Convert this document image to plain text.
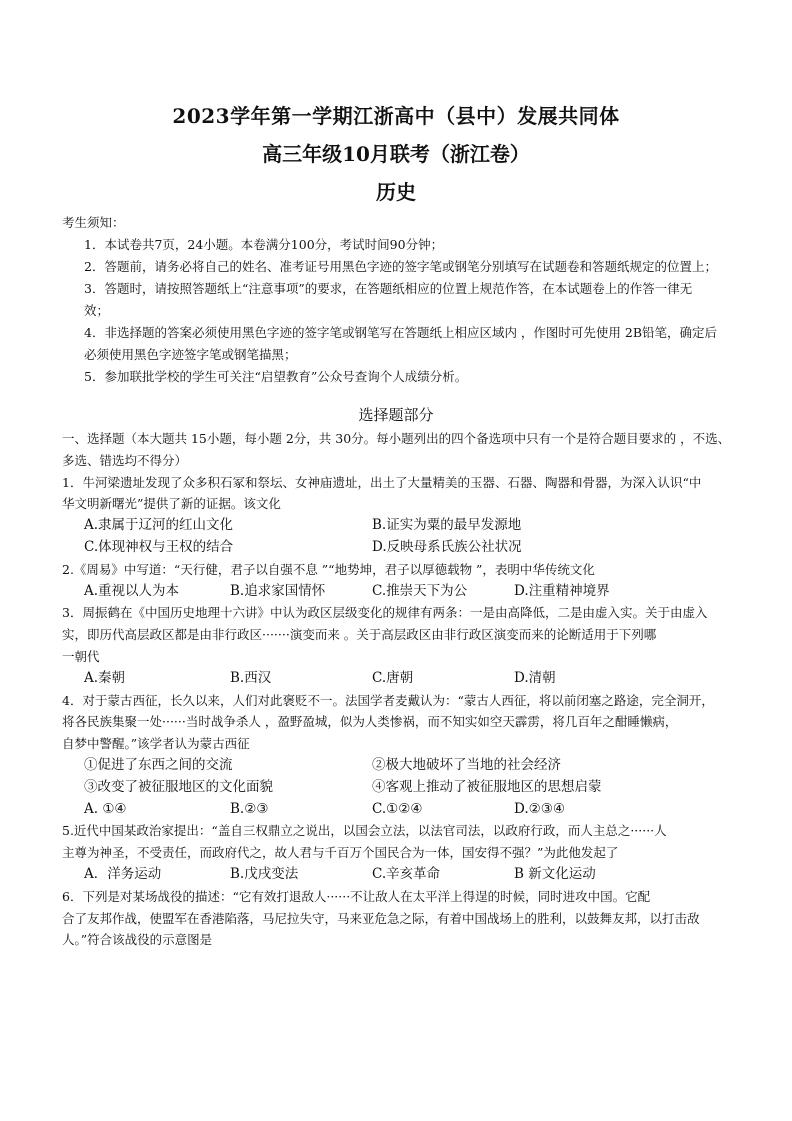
2023学年第一学期江浙高中（县中）发展共同体
高三年级10月联考（浙江卷）
历史
考生须知：
1．本试卷共7页，24小题。本卷满分100分，考试时间90分钟；
2．答题前，请务必将自己的姓名、准考证号用黑色字迹的签字笔或钢笔分别填写在试题卷和答题纸规定的位置上；
3．答题时，请按照答题纸上“注意事项”的要求，在答题纸相应的位置上规范作答，在本试题卷上的作答一律无
效；
4．非选择题的答案必须使用黑色字迹的签字笔或钢笔写在答题纸上相应区域内 ，作图时可先使用 2B铅笔，确定后
必须使用黑色字迹签字笔或钢笔描黑；
5．参加联批学校的学生可关注“启望教育”公众号查询个人成绩分析。
选择题部分
一、选择题（本大题共 15小题，每小题 2分，共 30分。每小题列出的四个备选项中只有一个是符合题目要求的 ，不选、
多选、错选均不得分）
1．牛河梁遗址发现了众多积石冢和祭坛、女神庙遗址，出土了大量精美的玉器、石器、陶器和骨器，为深入认识“中
华文明新曙光”提供了新的证据。该文化
A.隶属于辽河的红山文化	B.证实为粟的最早发源地
C.体现神权与王权的结合	D.反映母系氏族公社状况
2.《周易》中写道：“天行健，君子以自强不息 ”“地势坤，君子以厚德载物 ”，表明中华传统文化
A.重视以人为本	B.追求家国情怀	C.推崇天下为公	D.注重精神境界
3．周振鹤在《中国历史地理十六讲》中认为政区层级变化的规律有两条：一是由高降低，二是由虚入实。关于由虚入
实，即历代高层政区都是由非行政区·······演变而来 。关于高层政区由非行政区演变而来的论断适用于下列哪
一朝代
A.秦朝	B.西汉	C.唐朝	D.清朝
4．对于蒙古西征，长久以来，人们对此褒贬不一。法国学者麦戴认为：“蒙古人西征，将以前闭塞之路途，完全洞开，
将各民族集聚一处······当时战争杀人 ，盈野盈城，似为人类惨祸，而不知实如空天霹雳，将几百年之酣睡懒病，
自梦中警醒。”该学者认为蒙古西征
①促进了东西之间的交流	②极大地破坏了当地的社会经济
③改变了被征服地区的文化面貌	④客观上推动了被征服地区的思想启蒙
A. ①④	B.②③	C.①②④	D.②③④
5.近代中国某政治家提出：“盖自三权鼎立之说出，以国会立法，以法官司法，以政府行政，而人主总之······人
主尊为神圣，不受责任，而政府代之，故人君与千百万个国民合为一体，国安得不强？”为此他发起了
A．洋务运动	B.戊戌变法	C.辛亥革命	B 新文化运动
6．下列是对某场战役的描述：“它有效打退敌人······不让敌人在太平洋上得逞的时候，同时进攻中国。它配
合了友邦作战，使盟军在香港陷落，马尼拉失守，马来亚危急之际，有着中国战场上的胜利，以鼓舞友邦，以打击敌
人。”符合该战役的示意图是
